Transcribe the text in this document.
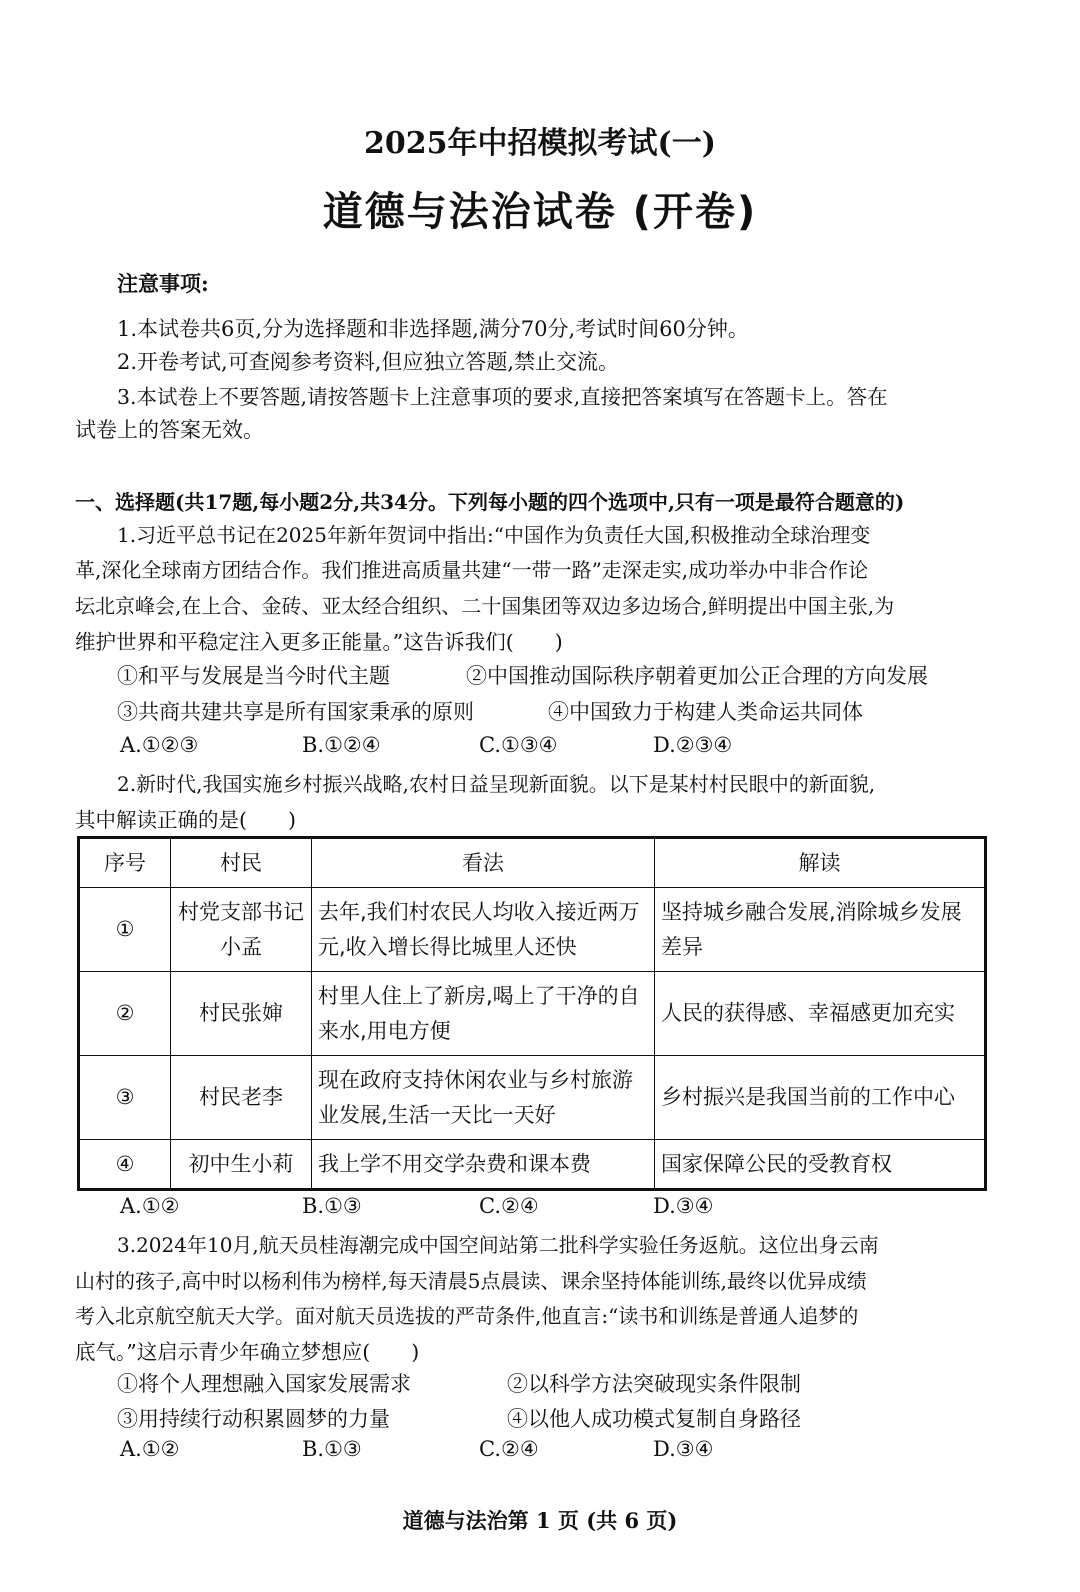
2025年中招模拟考试(一)
道德与法治试卷 (开卷)
注意事项:
1.本试卷共6页,分为选择题和非选择题,满分70分,考试时间60分钟。
2.开卷考试,可查阅参考资料,但应独立答题,禁止交流。
3.本试卷上不要答题,请按答题卡上注意事项的要求,直接把答案填写在答题卡上。答在
试卷上的答案无效。
一、选择题(共17题,每小题2分,共34分。下列每小题的四个选项中,只有一项是最符合题意的)
1.习近平总书记在2025年新年贺词中指出:“中国作为负责任大国,积极推动全球治理变
革,深化全球南方团结合作。我们推进高质量共建“一带一路”走深走实,成功举办中非合作论
坛北京峰会,在上合、金砖、亚太经合组织、二十国集团等双边多边场合,鲜明提出中国主张,为
维护世界和平稳定注入更多正能量。”这告诉我们(　　)
①和平与发展是当今时代主题	②中国推动国际秩序朝着更加公正合理的方向发展
③共商共建共享是所有国家秉承的原则	④中国致力于构建人类命运共同体
A.①②③	B.①②④	C.①③④	D.②③④
2.新时代,我国实施乡村振兴战略,农村日益呈现新面貌。以下是某村村民眼中的新面貌,
其中解读正确的是(　　)
序号	村民	看法	解读
①	村党支部书记小孟	去年,我们村农民人均收入接近两万元,收入增长得比城里人还快	坚持城乡融合发展,消除城乡发展差异
②	村民张婶	村里人住上了新房,喝上了干净的自来水,用电方便	人民的获得感、幸福感更加充实
③	村民老李	现在政府支持休闲农业与乡村旅游业发展,生活一天比一天好	乡村振兴是我国当前的工作中心
④	初中生小莉	我上学不用交学杂费和课本费	国家保障公民的受教育权
A.①②	B.①③	C.②④	D.③④
3.2024年10月,航天员桂海潮完成中国空间站第二批科学实验任务返航。这位出身云南
山村的孩子,高中时以杨利伟为榜样,每天清晨5点晨读、课余坚持体能训练,最终以优异成绩
考入北京航空航天大学。面对航天员选拔的严苛条件,他直言:“读书和训练是普通人追梦的
底气。”这启示青少年确立梦想应(　　)
①将个人理想融入国家发展需求	②以科学方法突破现实条件限制
③用持续行动积累圆梦的力量	④以他人成功模式复制自身路径
A.①②	B.①③	C.②④	D.③④
道德与法治第 1 页 (共 6 页)
